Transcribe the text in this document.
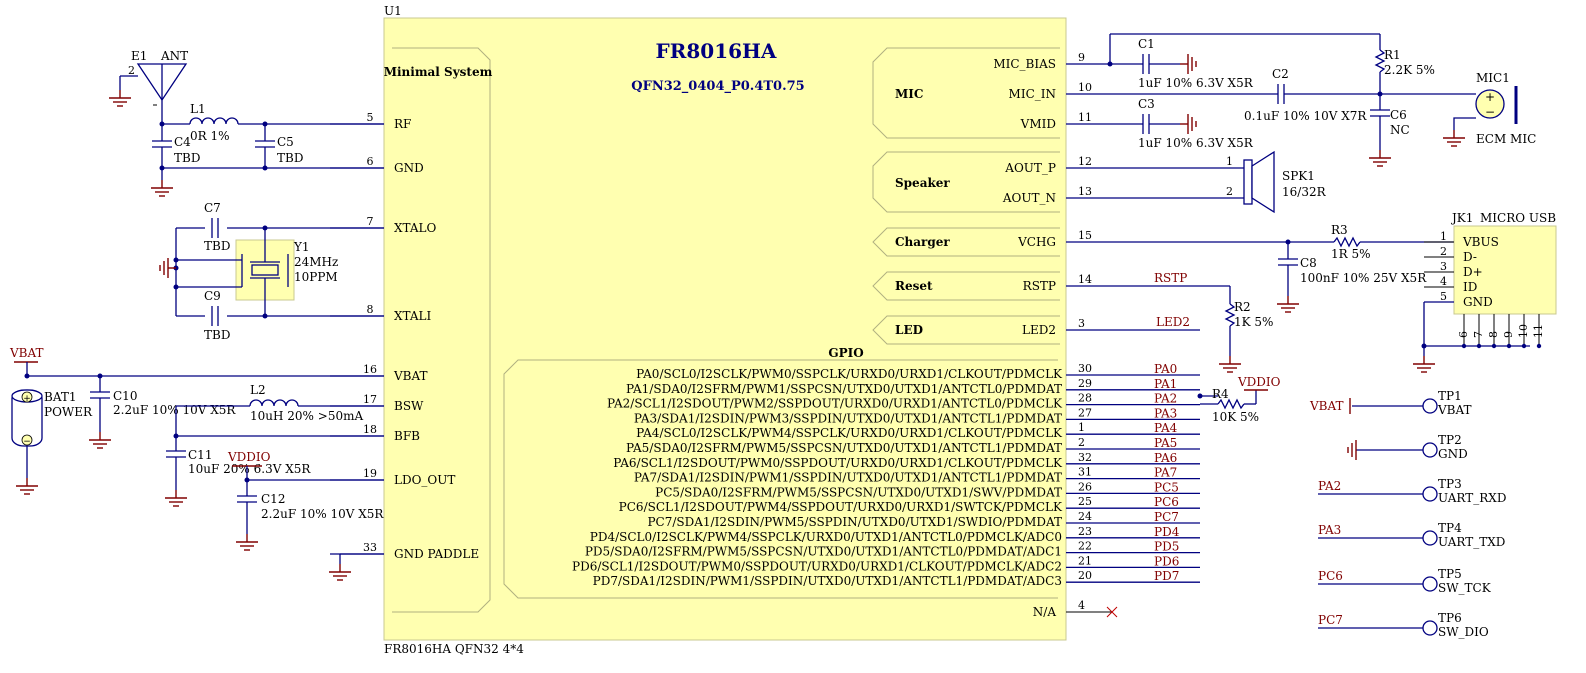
U1
FR8016HA QFN32 4*4
FR8016HA
QFN32_0404_P0.4T0.75
Minimal System
GPIO
MIC
Speaker
Charger
Reset
LED
N/A 4
5 RF
6 GND
7 XTALO
8 XTALI
16 VBAT
17 BSW
18 BFB
19 LDO_OUT
33 GND PADDLE
MIC_BIAS 9
MIC_IN 10
VMID 11
AOUT_P 12
AOUT_N 13
VCHG 15
RSTP 14
LED2 3
PA0/SCL0/I2SCLK/PWM0/SSPCLK/URXD0/URXD1/CLKOUT/PDMCLK 30	PA0
PA1/SDA0/I2SFRM/PWM1/SSPCSN/UTXD0/UTXD1/ANTCTL0/PDMDAT 29	PA1
PA2/SCL1/I2SDOUT/PWM2/SSPDOUT/URXD0/URXD1/ANTCTL0/PDMCLK 28	PA2
PA3/SDA1/I2SDIN/PWM3/SSPDIN/UTXD0/UTXD1/ANTCTL1/PDMDAT 27	PA3
PA4/SCL0/I2SCLK/PWM4/SSPCLK/URXD0/URXD1/CLKOUT/PDMCLK 1	PA4
PA5/SDA0/I2SFRM/PWM5/SSPCSN/UTXD0/UTXD1/ANTCTL1/PDMDAT 2	PA5
PA6/SCL1/I2SDOUT/PWM0/SSPDOUT/URXD0/URXD1/CLKOUT/PDMCLK 32	PA6
PA7/SDA1/I2SDIN/PWM1/SSPDIN/UTXD0/UTXD1/ANTCTL1/PDMDAT 31	PA7
PC5/SDA0/I2SFRM/PWM5/SSPCSN/UTXD0/UTXD1/SWV/PDMDAT 26	PC5
PC6/SCL1/I2SDOUT/PWM4/SSPDOUT/URXD0/URXD1/SWTCK/PDMCLK 25	PC6
PC7/SDA1/I2SDIN/PWM5/SSPDIN/UTXD0/UTXD1/SWDIO/PDMDAT 24	PC7
PD4/SCL0/I2SCLK/PWM4/SSPCLK/URXD0/UTXD1/ANTCTL0/PDMCLK/ADC0 23	PD4
PD5/SDA0/I2SFRM/PWM5/SSPCSN/UTXD0/UTXD1/ANTCTL0/PDMDAT/ADC1 22	PD5
PD6/SCL1/I2SDOUT/PWM0/SSPDOUT/URXD0/URXD1/CLKOUT/PDMCLK/ADC2 21	PD6
PD7/SDA1/I2SDIN/PWM1/SSPDIN/UTXD0/UTXD1/ANTCTL1/PDMDAT/ADC3 20	PD7
E1 ANT
2
L1
0R 1%
C4
TBD
C5
TBD
Y1
24MHz
10PPM
C7
TBD
C9
TBD
VBAT
+
−
BAT1
POWER
C10
2.2uF 10% 10V X5R
L2
10uH 20% >50mA
C11
10uF 20% 6.3V X5R
VDDIO
C12
2.2uF 10% 10V X5R
C1
1uF 10% 6.3V X5R
C2
0.1uF 10% 10V X7R
R1
2.2K 5%
C6
NC
+
−
MIC1
ECM MIC
C3
1uF 10% 6.3V X5R
1
2
SPK1
16/32R
R3
1R 5%
C8
100nF 10% 25V X5R
JK1 MICRO USB
1 VBUS
2 D-
3 D+
4 ID
5 GND
6 7 8 9 10 11
RSTP
R2
1K 5%
LED2
VDDIO
R4
10K 5%
TP1
VBAT
VBAT
TP2
GND
TP3
UART_RXD
PA2
TP4
UART_TXD
PA3
TP5
SW_TCK
PC6
TP6
SW_DIO
PC7
